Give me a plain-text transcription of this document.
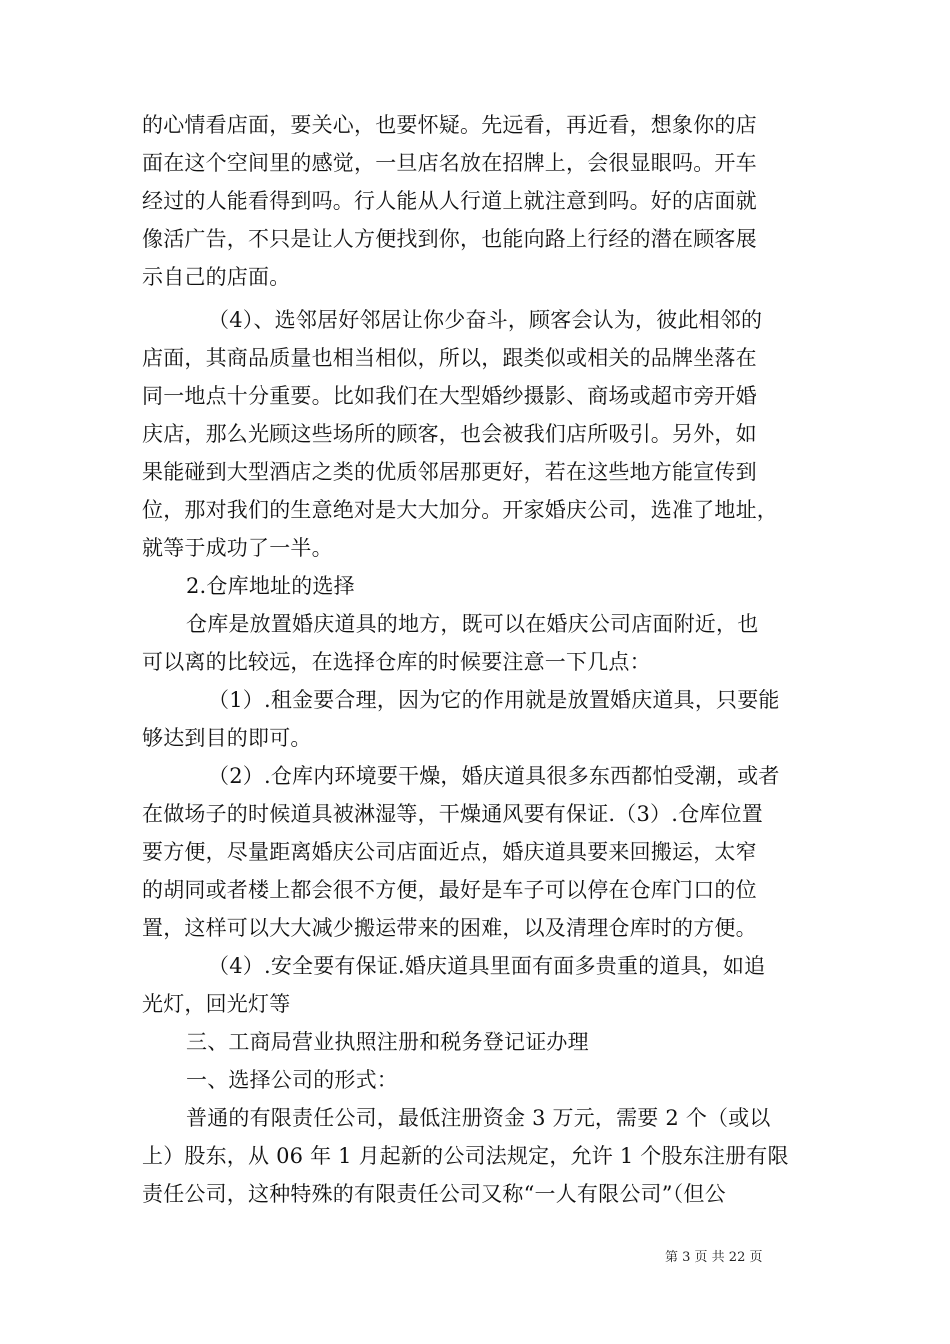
的心情看店面，要关心，也要怀疑。先远看，再近看，想象你的店
面在这个空间里的感觉，一旦店名放在招牌上，会很显眼吗。开车
经过的人能看得到吗。行人能从人行道上就注意到吗。好的店面就
像活广告，不只是让人方便找到你，也能向路上行经的潜在顾客展
示自己的店面。
（4）、选邻居好邻居让你少奋斗，顾客会认为，彼此相邻的
店面，其商品质量也相当相似，所以，跟类似或相关的品牌坐落在
同一地点十分重要。比如我们在大型婚纱摄影、商场或超市旁开婚
庆店，那么光顾这些场所的顾客，也会被我们店所吸引。另外，如
果能碰到大型酒店之类的优质邻居那更好，若在这些地方能宣传到
位，那对我们的生意绝对是大大加分。开家婚庆公司，选准了地址，
就等于成功了一半。
2.仓库地址的选择
仓库是放置婚庆道具的地方，既可以在婚庆公司店面附近，也
可以离的比较远，在选择仓库的时候要注意一下几点：
（1）.租金要合理，因为它的作用就是放置婚庆道具，只要能
够达到目的即可。
（2）.仓库内环境要干燥，婚庆道具很多东西都怕受潮，或者
在做场子的时候道具被淋湿等，干燥通风要有保证.（3）.仓库位置
要方便，尽量距离婚庆公司店面近点，婚庆道具要来回搬运，太窄
的胡同或者楼上都会很不方便，最好是车子可以停在仓库门口的位
置，这样可以大大减少搬运带来的困难，以及清理仓库时的方便。
（4）.安全要有保证.婚庆道具里面有面多贵重的道具，如追
光灯，回光灯等
三、工商局营业执照注册和税务登记证办理
一、选择公司的形式：
普通的有限责任公司，最低注册资金 3 万元，需要 2 个（或以
上）股东，从 06 年 1 月起新的公司法规定，允许 1 个股东注册有限
责任公司，这种特殊的有限责任公司又称“一人有限公司”（但公
第 3 页 共 22 页
